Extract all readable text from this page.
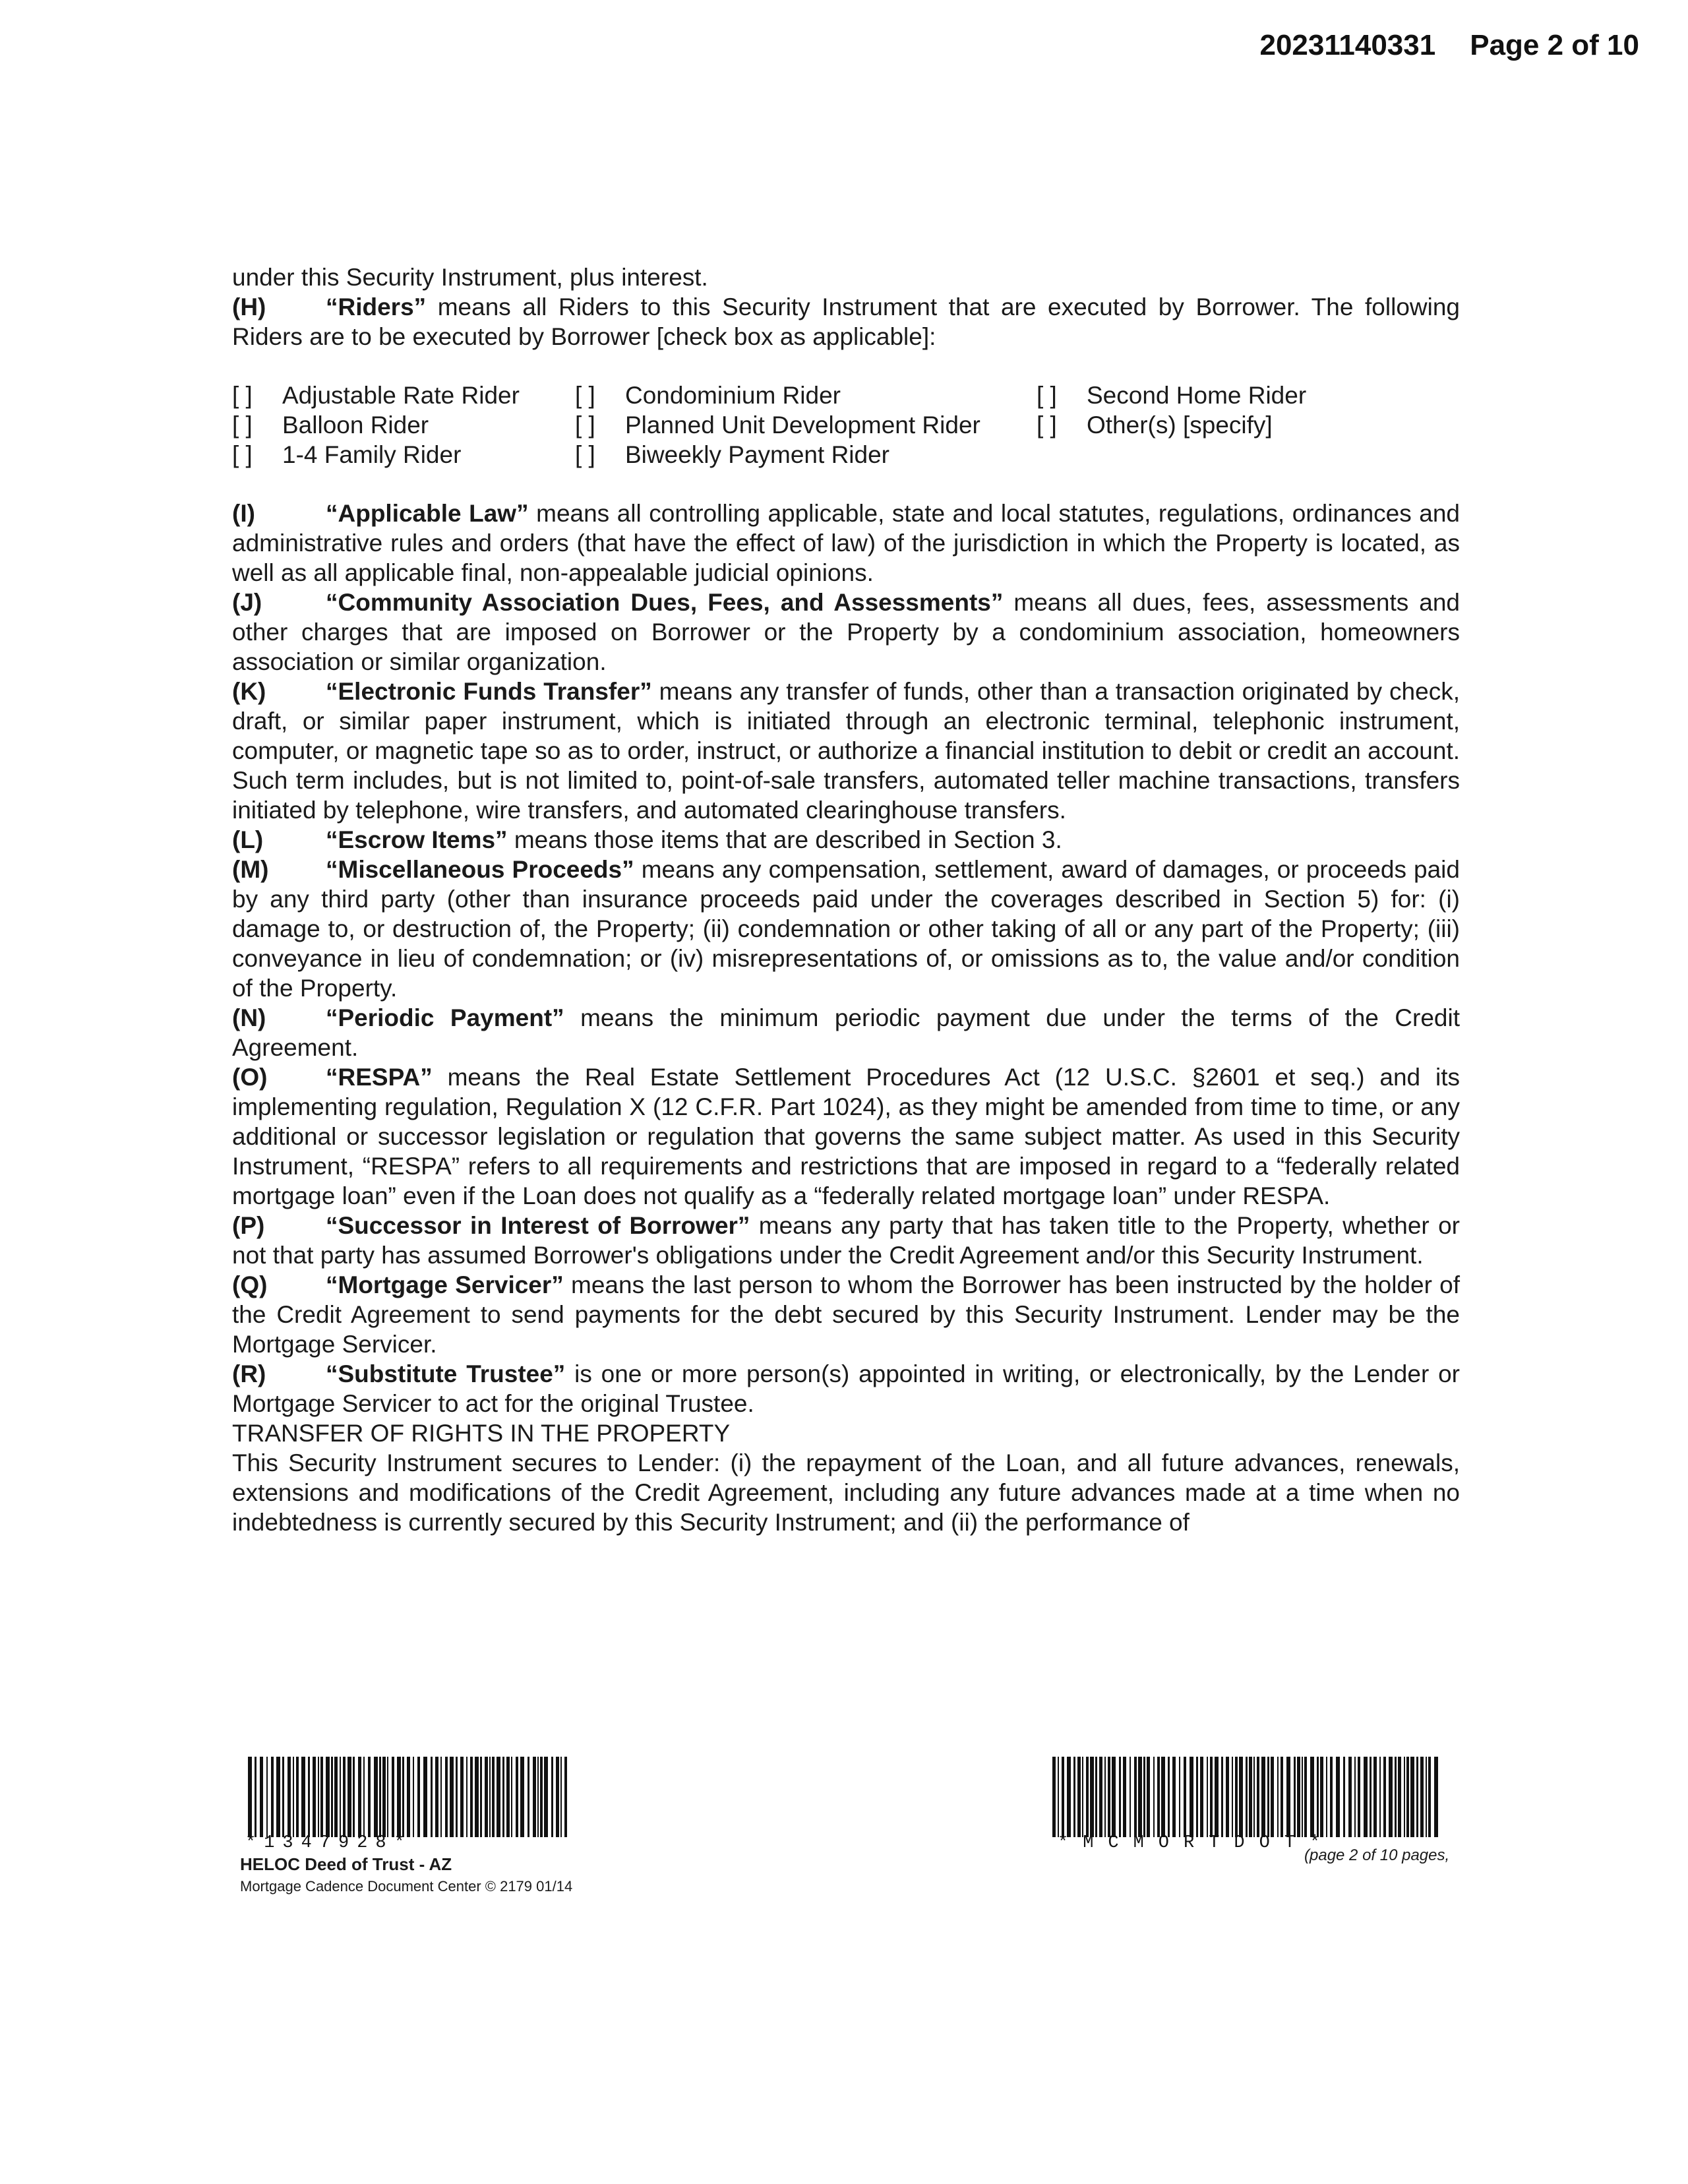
20231140331 Page 2 of 10

under this Security Instrument, plus interest.

(H) “Riders” means all Riders to this Security Instrument that are executed by Borrower. The following Riders are to be executed by Borrower [check box as applicable]:

[ ] Adjustable Rate Rider	[ ] Condominium Rider	[ ] Second Home Rider
[ ] Balloon Rider	[ ] Planned Unit Development Rider	[ ] Other(s) [specify]
[ ] 1-4 Family Rider	[ ] Biweekly Payment Rider

(I)	“Applicable Law” means all controlling applicable, state and local statutes, regulations, ordinances and administrative rules and orders (that have the effect of law) of the jurisdiction in which the Property is located, as well as all applicable final, non-appealable judicial opinions.

(J)	“Community Association Dues, Fees, and Assessments” means all dues, fees, assessments and other charges that are imposed on Borrower or the Property by a condominium association, homeowners association or similar organization.

(K) “Electronic Funds Transfer” means any transfer of funds, other than a transaction originated by check, draft, or similar paper instrument, which is initiated through an electronic terminal, telephonic instrument, computer, or magnetic tape so as to order, instruct, or authorize a financial institution to debit or credit an account. Such term includes, but is not limited to, point-of-sale transfers, automated teller machine transactions, transfers initiated by telephone, wire transfers, and automated clearinghouse transfers.

(L)	“Escrow Items” means those items that are described in Section 3.

(M) “Miscellaneous Proceeds” means any compensation, settlement, award of damages, or proceeds paid by any third party (other than insurance proceeds paid under the coverages described in Section 5) for: (i) damage to, or destruction of, the Property; (ii) condemnation or other taking of all or any part of the Property; (iii) conveyance in lieu of condemnation; or (iv) misrepresentations of, or omissions as to, the value and/or condition of the Property.

(N) “Periodic Payment” means the minimum periodic payment due under the terms of the Credit Agreement.

(O) “RESPA” means the Real Estate Settlement Procedures Act (12 U.S.C. §2601 et seq.) and its implementing regulation, Regulation X (12 C.F.R. Part 1024), as they might be amended from time to time, or any additional or successor legislation or regulation that governs the same subject matter. As used in this Security Instrument, “RESPA” refers to all requirements and restrictions that are imposed in regard to a “federally related mortgage loan” even if the Loan does not qualify as a “federally related mortgage loan” under RESPA.

(P)	“Successor in Interest of Borrower” means any party that has taken title to the Property, whether or not that party has assumed Borrower's obligations under the Credit Agreement and/or this Security Instrument.

(Q) “Mortgage Servicer” means the last person to whom the Borrower has been instructed by the holder of the Credit Agreement to send payments for the debt secured by this Security Instrument. Lender may be the Mortgage Servicer.

(R) “Substitute Trustee” is one or more person(s) appointed in writing, or electronically, by the Lender or Mortgage Servicer to act for the original Trustee.

TRANSFER OF RIGHTS IN THE PROPERTY

This Security Instrument secures to Lender: (i) the repayment of the Loan, and all future advances, renewals, extensions and modifications of the Credit Agreement, including any future advances made at a time when no indebtedness is currently secured by this Security Instrument; and (ii) the performance of

*1347928*
HELOC Deed of Trust - AZ
Mortgage Cadence Document Center © 2179 01/14
*MCMORTDOT*
(page 2 of 10 pages,
